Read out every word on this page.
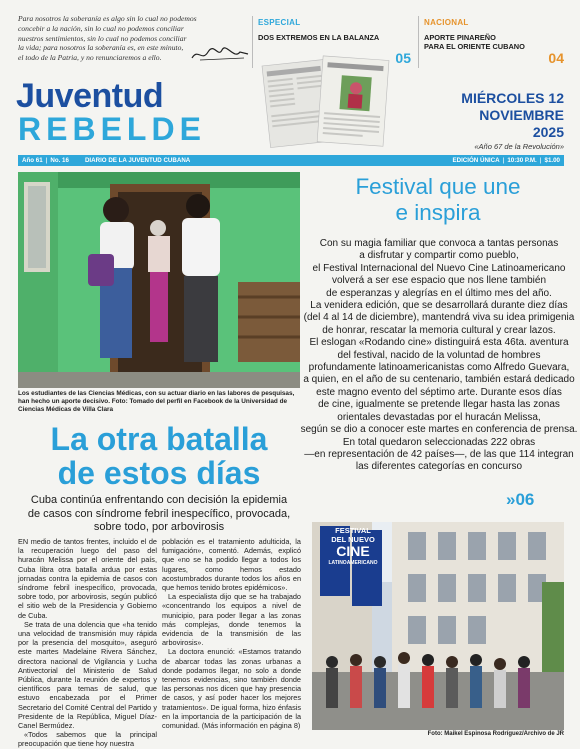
Para nosotros la soberanía es algo sin lo cual no podemos
concebir a la nación, sin lo cual no podemos conciliar
nuestros sentimientos, sin lo cual no podemos conciliar
la vida; para nosotros la soberanía es, en este minuto,
el todo de la Patria, y no renunciaremos a ello.
ESPECIAL
DOS EXTREMOS EN LA BALANZA
05
NACIONAL
APORTE PINAREÑO
PARA EL ORIENTE CUBANO
04
Juventud
REBELDE
MIÉRCOLES 12
NOVIEMBRE
2025
«Año 67 de la Revolución»
Año 61 | No. 16	DIARIO DE LA JUVENTUD CUBANA	EDICIÓN ÚNICA | 10:30 P.M. | $1.00
Los estudiantes de las Ciencias Médicas, con su actuar diario en las labores de pesquisas, han hecho un aporte decisivo. Foto: Tomado del perfil en Facebook de la Universidad de Ciencias Médicas de Villa Clara
La otra batalla
de estos días
Cuba continúa enfrentando con decisión la epidemia de casos con síndrome febril inespecífico, provocada, sobre todo, por arbovirosis

EN medio de tantos frentes, incluido el de la recuperación luego del paso del huracán Melissa por el oriente del país, Cuba libra otra batalla ardua por estas jornadas contra la epidemia de casos con síndrome febril inespecífico, provocada, sobre todo, por arbovirosis, según publicó el sitio web de la Presidencia y Gobierno de Cuba.

Se trata de una dolencia que «ha tenido una velocidad de transmisión muy rápida por la presencia del mosquito», aseguró este martes Madelaine Rivera Sánchez, directora nacional de Vigilancia y Lucha Antivectorial del Ministerio de Salud Pública, durante la reunión de expertos y científicos para temas de salud, que estuvo encabezada por el Primer Secretario del Comité Central del Partido y Presidente de la República, Miguel Díaz-Canel Bermúdez.

«Todos sabemos que la principal preocupación que tiene hoy nuestra

población es el tratamiento adulticida, la fumigación», comentó. Además, explicó que «no se ha podido llegar a todos los lugares, como hemos estado acostumbrados durante todos los años en que hemos tenido brotes epidémicos».

La especialista dijo que se ha trabajado «concentrando los equipos a nivel de municipio, para poder llegar a las zonas más complejas, donde tenemos la evidencia de la transmisión de las arbovirosis».

La doctora enunció: «Estamos tratando de abarcar todas las zonas urbanas a donde podamos llegar, no solo a donde tenemos evidencias, sino también donde las personas nos dicen que hay presencia de casos, y así poder hacer los mejores tratamientos». De igual forma, hizo énfasis en la importancia de la participación de la comunidad. (Más información en página 8)

Festival que une
e inspira

Con su magia familiar que convoca a tantas personas

a disfrutar y compartir como pueblo,

el Festival Internacional del Nuevo Cine Latinoamericano

volverá a ser ese espacio que nos llene también

de esperanzas y alegrías en el último mes del año.

La venidera edición, que se desarrollará durante diez días

(del 4 al 14 de diciembre), mantendrá viva su idea primigenia

de honrar, rescatar la memoria cultural y crear lazos.

El eslogan «Rodando cine» distinguirá esta 46ta. aventura

del festival, nacido de la voluntad de hombres

profundamente latinoamericanistas como Alfredo Guevara,

a quien, en el año de su centenario, también estará dedicado

este magno evento del séptimo arte. Durante esos días

de cine, igualmente se pretende llegar hasta las zonas

orientales devastadas por el huracán Melissa,

según se dio a conocer este martes en conferencia de prensa.

En total quedaron seleccionadas 222 obras

—en representación de 42 países—, de las que 114 integran

las diferentes categorías en concurso

»06
FESTIVAL
DEL NUEVO
CINE
LATINOAMERICANO
Foto: Maikel Espinosa Rodríguez/Archivo de JR
